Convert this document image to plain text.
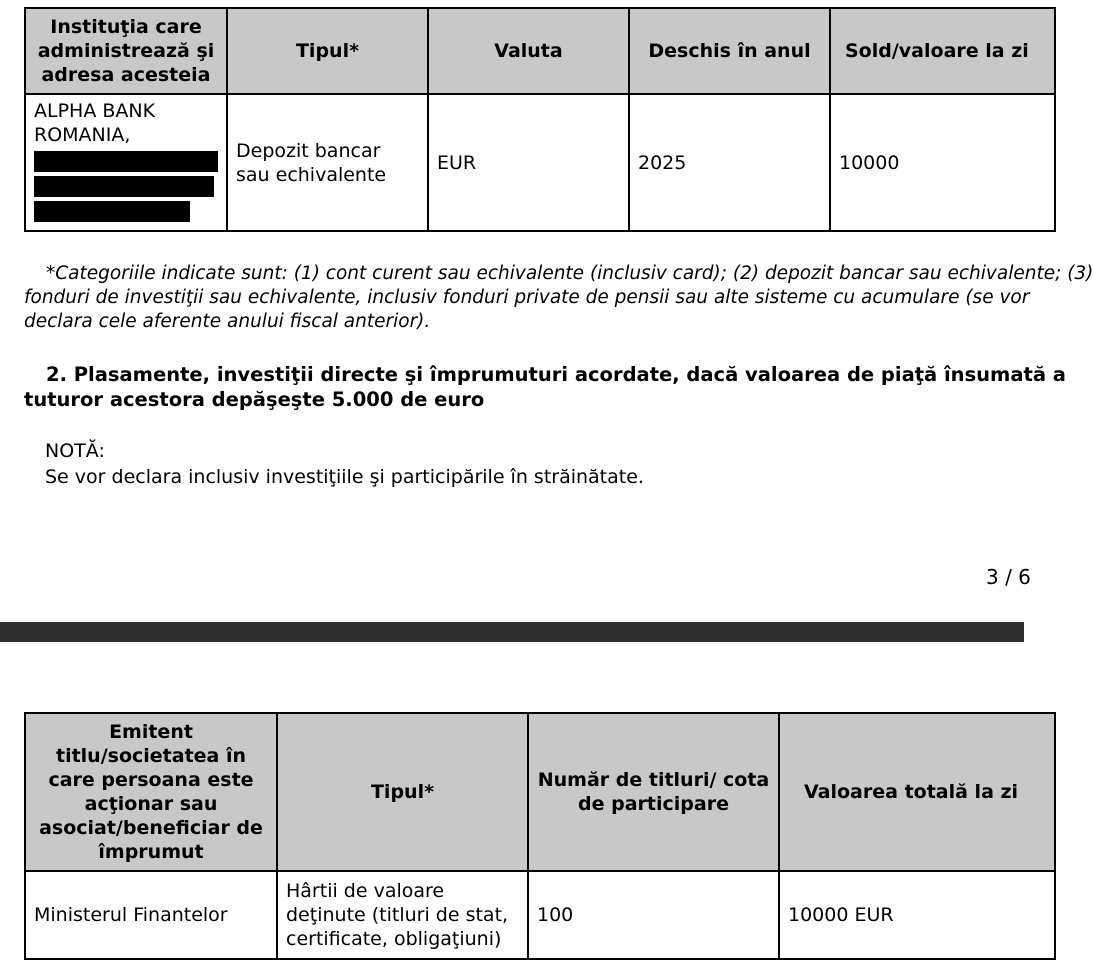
Instituţia care administrează şi adresa acesteia	Tipul*	Valuta	Deschis în anul	Sold/valoare la zi

ALPHA BANK ROMANIA,	Depozit bancar sau echivalente	EUR	2025	10000
*Categoriile indicate sunt: (1) cont curent sau echivalente (inclusiv card); (2) depozit bancar sau echivalente; (3)
fonduri de investiţii sau echivalente, inclusiv fonduri private de pensii sau alte sisteme cu acumulare (se vor
declara cele aferente anului fiscal anterior).
2. Plasamente, investiţii directe şi împrumuturi acordate, dacă valoarea de piaţă însumată a
tuturor acestora depăşeşte 5.000 de euro
NOTĂ:
Se vor declara inclusiv investiţiile şi participările în străinătate.
3 / 6
Emitent titlu/societatea în care persoana este acţionar sau asociat/beneficiar de împrumut	Tipul*	Număr de titluri/ cota de participare	Valoarea totală la zi
Ministerul Finantelor	Hârtii de valoare deţinute (titluri de stat, certificate, obligaţiuni)	100	10000 EUR
